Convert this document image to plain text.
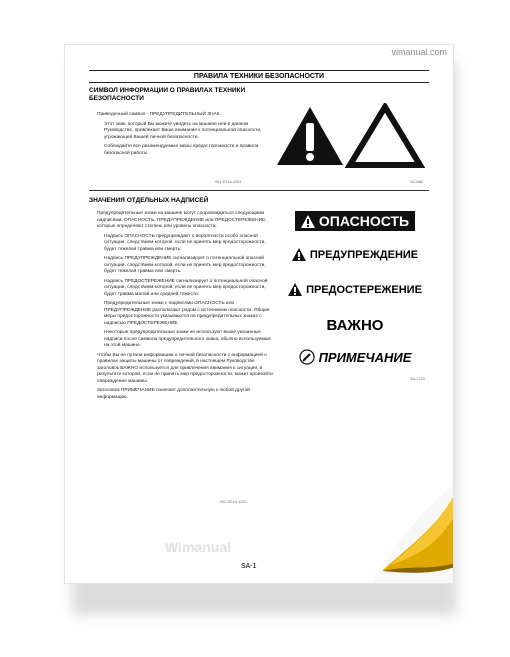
vimanual.com
ПРАВИЛА ТЕХНИКИ БЕЗОПАСНОСТИ
СИМВОЛ ИНФОРМАЦИИ О ПРАВИЛАХ ТЕХНИКИ
БЕЗОПАСНОСТИ

Приведенный символ - ПРЕДУПРЕДИТЕЛЬНЫЙ ЗНАК.

Этот знак, который Вы можете увидеть на машине или в данном Руководстве, привлекает Ваше внимание к потенциальной опасности, угрожающей Вашей личной безопасности.

Соблюдайте все рекомендуемые меры предосторожности и правила безопасной работы.

001-E01A-0001	SA-688
ЗНАЧЕНИЯ ОТДЕЛЬНЫХ НАДПИСЕЙ

Предупредительные знаки на машине могут сопровождаться следующими надписями: ОПАСНОСТЬ, ПРЕДУПРЕЖДЕНИЕ или ПРЕДОСТЕРЕЖЕНИЕ, которые определяют степень или уровень опасности.

Надпись ОПАСНОСТЬ предупреждает о вероятности особо опасной ситуации, следствием которой, если не принять мер предосторожности, будет тяжелая травма или смерть.

Надпись ПРЕДУПРЕЖДЕНИЕ сигнализирует о потенциальной опасной ситуации, следствием которой, если не принять мер предосторожности, будет тяжелая травма или смерть.

Надпись ПРЕДОСТЕРЕЖЕНИЕ сигнализирует о потенциальной опасной ситуации, следствием которой, если не принять мер предосторожности, будет травма малой или средней тяжести.

Предупредительные знаки с надписями ОПАСНОСТЬ или ПРЕДУПРЕЖДЕНИЕ располагают рядом с источником опасности. Общие меры предосторожности указываются на предупредительных знаках с надписью ПРЕДОСТЕРЕЖЕНИЕ.

Некоторые предупредительные знаки не используют выше указанные надписи после символа предупредительного знака, обычно используемые на этой машине.

Чтобы Вы не путали информацию о личной безопасности с информацией о правилах защиты машины от повреждений, в настоящем Руководстве заголовок ВАЖНО используется для привлечения внимания к ситуации, в результате которой, если не принять мер предосторожности, может произойти повреждение машины.

Заголовок ПРИМЕЧАНИЕ означает дополнительную к любой другой информацию.

002-E01A-1223
SA-1223
ОПАСНОСТЬ
ПРЕДУПРЕЖДЕНИЕ
ПРЕДОСТЕРЕЖЕНИЕ
ВАЖНО
ПРИМЕЧАНИЕ
Wimanual
SA-1
